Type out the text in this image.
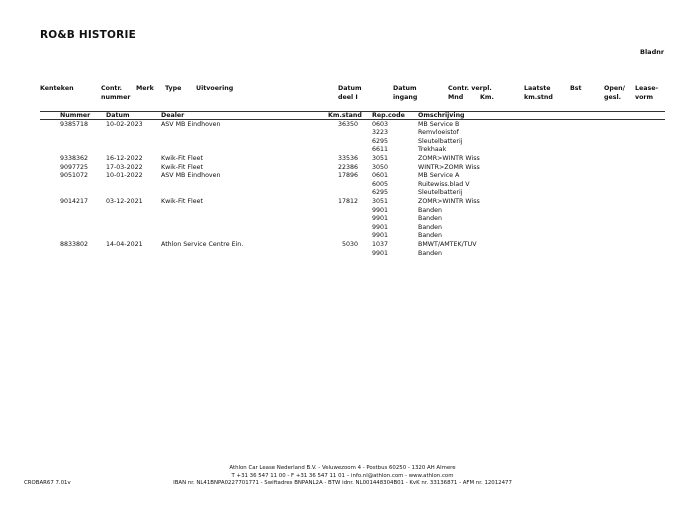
RO&B HISTORIE
Bladnr
Kenteken	Contr.
nummer
Merk Type Uitvoering	Datum
deel I
Datum
ingang
Contr. verpl.
Mnd	Km.
Laatste
km.stnd
Bst	Open/
gesl.
Lease-
vorm
Nummer Datum	Dealer	Km.stand Rep.code Omschrijving
9385718	10-02-2023	ASV MB Eindhoven	36350 0603	MB Service B
3223	Remvloeistof
6295	Sleutelbatterij
6611	Trekhaak
9338362	16-12-2022	Kwik-Fit Fleet	33536 3051	ZOMR>WINTR Wiss
9097725	17-03-2022	Kwik-Fit Fleet	22386 3050	WINTR>ZOMR Wiss
9051072	10-01-2022	ASV MB Eindhoven	17896 0601	MB Service A
6005	Ruitewiss.blad V
6295	Sleutelbatterij
9014217	03-12-2021	Kwik-Fit Fleet	17812 3051	ZOMR>WINTR Wiss
9901	Banden
9901	Banden
9901	Banden
9901	Banden
8833802	14-04-2021	Athlon Service Centre Ein.	5030 1037	BMWT/AMTEK/TUV
9901	Banden
Athlon Car Lease Nederland B.V. - Veluwezoom 4 - Postbus 60250 - 1320 AH Almere
T +31 36 547 11 00 - F +31 36 547 11 01 – info.nl@athlon.com - www.athlon.com
IBAN nr. NL41BNPA0227701771 - Swiftadres BNPANL2A - BTW idnr. NL001448304B01 - KvK nr. 33136871 - AFM nr. 12012477
CROBAR67 7.01v
